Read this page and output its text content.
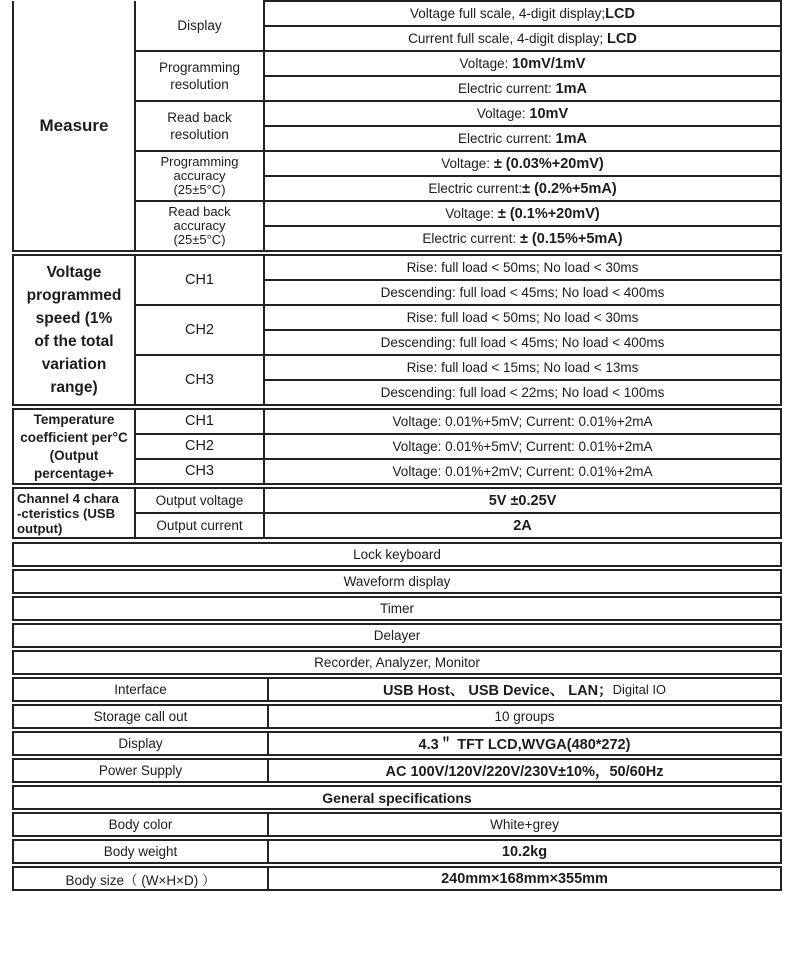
Measure	Display	Voltage full scale, 4-digit display;LCD
		Current full scale, 4-digit display; LCD

	Programming
resolution	Voltage: 10mV/1mV
		Electric current: 1mA

	Read back
resolution	Voltage: 10mV
		Electric current: 1mA

	Programming
accuracy
(25±5°C)	Voltage: ± (0.03%+20mV)
		Electric current:± (0.2%+5mA)

	Read back
accuracy
(25±5°C)	Voltage: ± (0.1%+20mV)
		Electric current: ± (0.15%+5mA)
Voltage
programmed
speed (1%
of the total
variation
range)
	CH1	Rise: full load < 50ms; No load < 30ms
		Descending: full load < 45ms; No load < 400ms
	CH2	Rise: full load < 50ms; No load < 30ms
		Descending: full load < 45ms; No load < 400ms
	CH3	Rise: full load < 15ms; No load < 13ms
		Descending: full load < 22ms; No load < 100ms
Temperature
coefficient per°C
(Output
percentage+	CH1	Voltage: 0.01%+5mV; Current: 0.01%+2mA
	CH2	Voltage: 0.01%+5mV; Current: 0.01%+2mA
	CH3	Voltage: 0.01%+2mV; Current: 0.01%+2mA
Channel 4 chara
-cteristics (USB
output)	Output voltage	5V ±0.25V
	Output current	2A
Lock keyboard
Waveform display
Timer
Delayer
Recorder, Analyzer, Monitor
Interface	USB Host、 USB Device、 LAN； Digital IO
Storage call out	10 groups
Display	4.3＂ TFT LCD,WVGA(480*272)
Power Supply	AC 100V/120V/220V/230V±10%，50/60Hz
General specifications
Body color	White+grey
Body weight	10.2kg
Body size（ (W×H×D) ）	240mm×168mm×355mm
